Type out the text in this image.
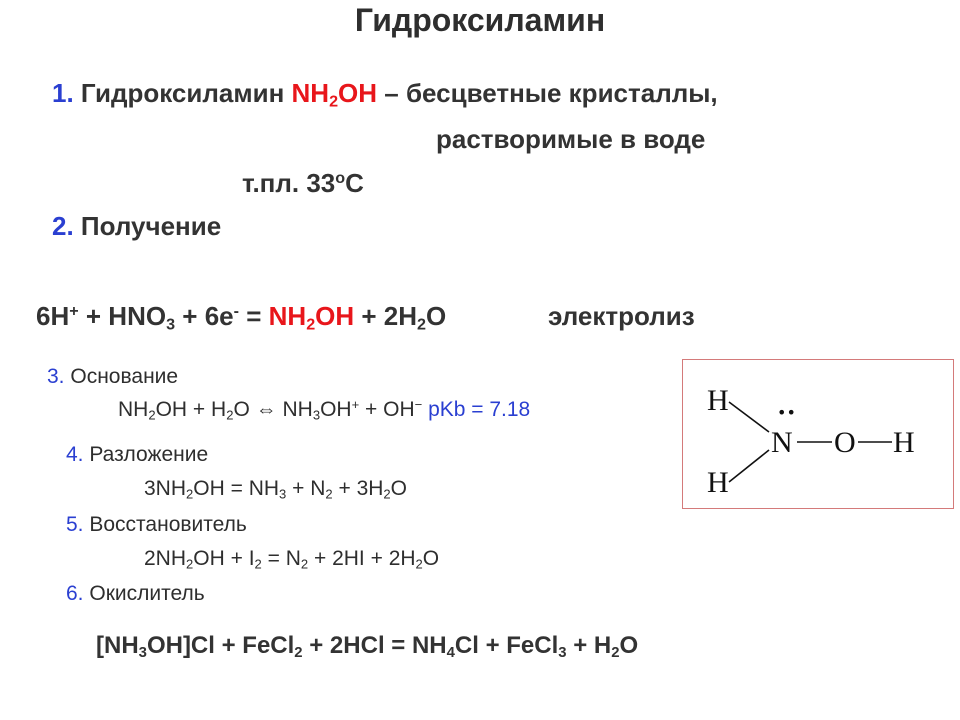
Гидроксиламин
1. Гидроксиламин $NH_2OH$ – бесцветные кристаллы,
растворимые в воде
т.пл. 33$^o$C
2. Получение
$6H^+ + HNO_3 + 6e^- = NH_2OH + 2H_2O$	электролиз
3. Основание
$NH_2OH + H_2O$ ⇔ $NH_3OH^+ + OH^-$ pKb = 7.18
4. Разложение
$3NH_2OH = NH_3 + N_2 + 3H_2O$
5. Восстановитель
$2NH_2OH + I_2 = N_2 + 2HI + 2H_2O$
6. Окислитель
$[NH_3OH]Cl$ + FeCl$_2$ + $2HCl = NH_4Cl$ + FeCl$_3$ + $H_2O$
H
H
N O H
••
